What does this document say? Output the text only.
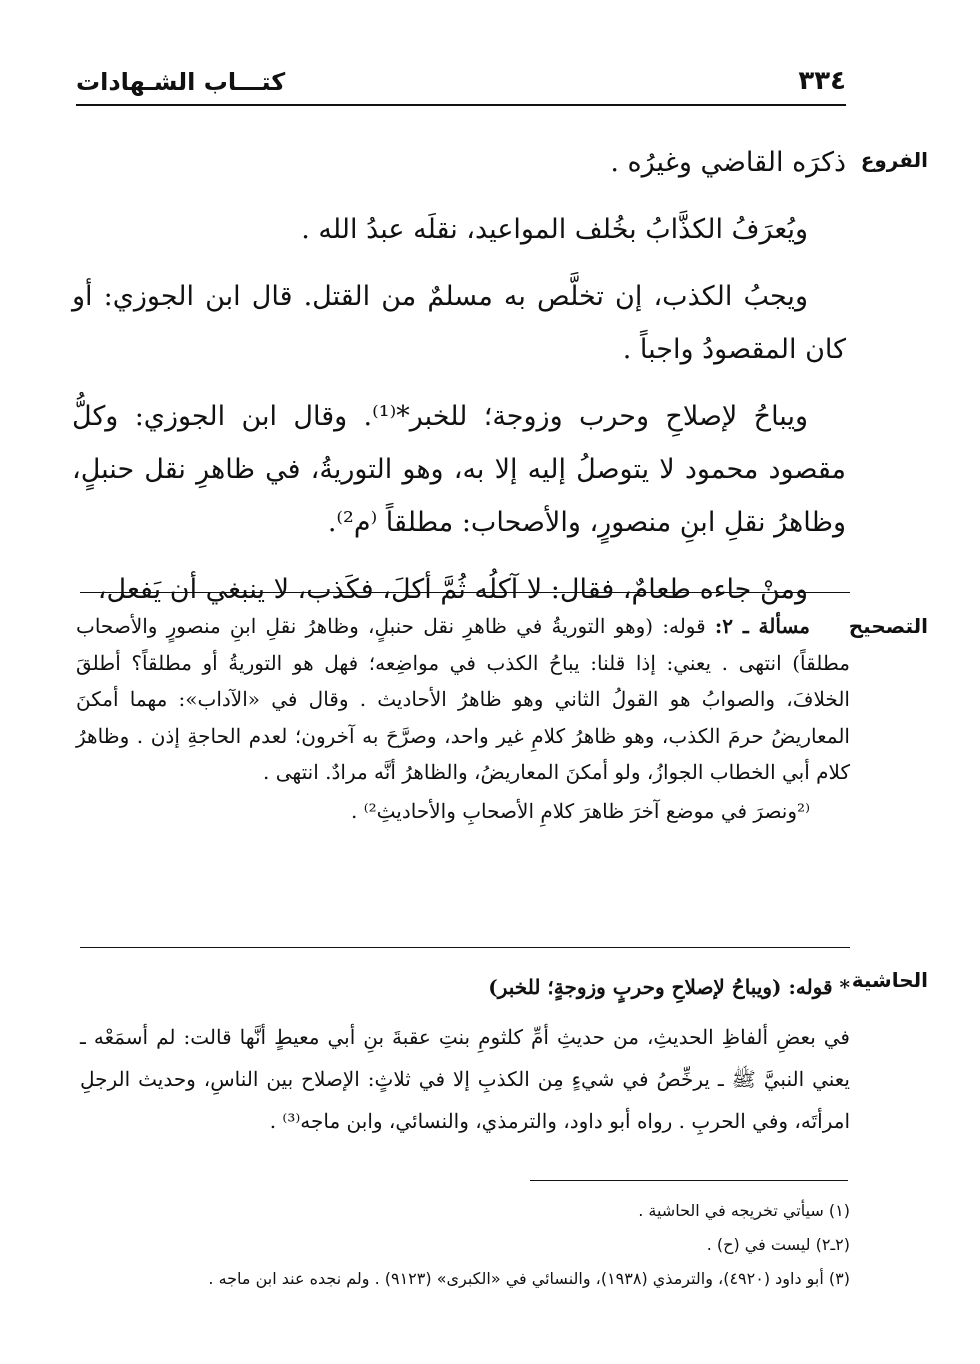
٣٣٤
كتـــاب الشـهادات
الفروع

ذكرَه القاضي وغيرُه .

ويُعرَفُ الكذَّابُ بخُلف المواعيد، نقلَه عبدُ الله .

ويجبُ الكذب، إن تخلَّص به مسلمٌ من القتل. قال ابن الجوزي: أو كان المقصودُ واجباً .

ويباحُ لإصلاحِ وحرب وزوجة؛ للخبر*⁽¹⁾. وقال ابن الجوزي: وكلُّ مقصود محمود لا يتوصلُ إليه إلا به، وهو التوريةُ، في ظاهرِ نقل حنبلٍ، وظاهرُ نقلِ ابنِ منصورٍ، والأصحاب: مطلقاً ⁽م²⁾.

ومنْ جاءه طعامٌ، فقال: لا آكلُه ثُمَّ أكلَ، فكَذب، لا ينبغي أن يَفعل،

التصحيح

مسألة ـ ٢: قوله: (وهو التوريةُ في ظاهرِ نقل حنبلٍ، وظاهرُ نقلِ ابنِ منصورٍ والأصحاب مطلقاً) انتهى . يعني: إذا قلنا: يباحُ الكذب في مواضِعه؛ فهل هو التوريةُ أو مطلقاً؟ أطلقَ الخلافَ، والصوابُ هو القولُ الثاني وهو ظاهرُ الأحاديث . وقال في «الآداب»: مهما أمكنَ المعاريضُ حرمَ الكذب، وهو ظاهرُ كلامِ غير واحد، وصرَّحَ به آخرون؛ لعدم الحاجةِ إذن . وظاهرُ كلام أبي الخطاب الجوازُ، ولو أمكنَ المعاريضُ، والظاهرُ أنَّه مرادٌ. انتهى .

⁽²ونصرَ في موضع آخرَ ظاهرَ كلامِ الأصحابِ والأحاديثِ²⁾ .

الحاشية

* قوله: (ويباحُ لإصلاحِ وحربٍ وزوجةٍ؛ للخبر)

في بعضِ ألفاظِ الحديثِ، من حديثِ أمِّ كلثومِ بنتِ عقبةَ بنِ أبي معيطٍ أنَّها قالت: لم أسمَعْه ـ يعني النبيَّ ﷺ ـ يرخِّصُ في شيءٍ مِن الكذبِ إلا في ثلاثٍ: الإصلاح بين الناسِ، وحديث الرجلِ امرأتَه، وفي الحربِ . رواه أبو داود، والترمذي، والنسائي، وابن ماجه⁽³⁾ .

(١) سيأتي تخريجه في الحاشية .
(٢ـ٢) ليست في (ح) .
(٣) أبو داود (٤٩٢٠)، والترمذي (١٩٣٨)، والنسائي في «الكبرى» (٩١٢٣) . ولم نجده عند ابن ماجه .
